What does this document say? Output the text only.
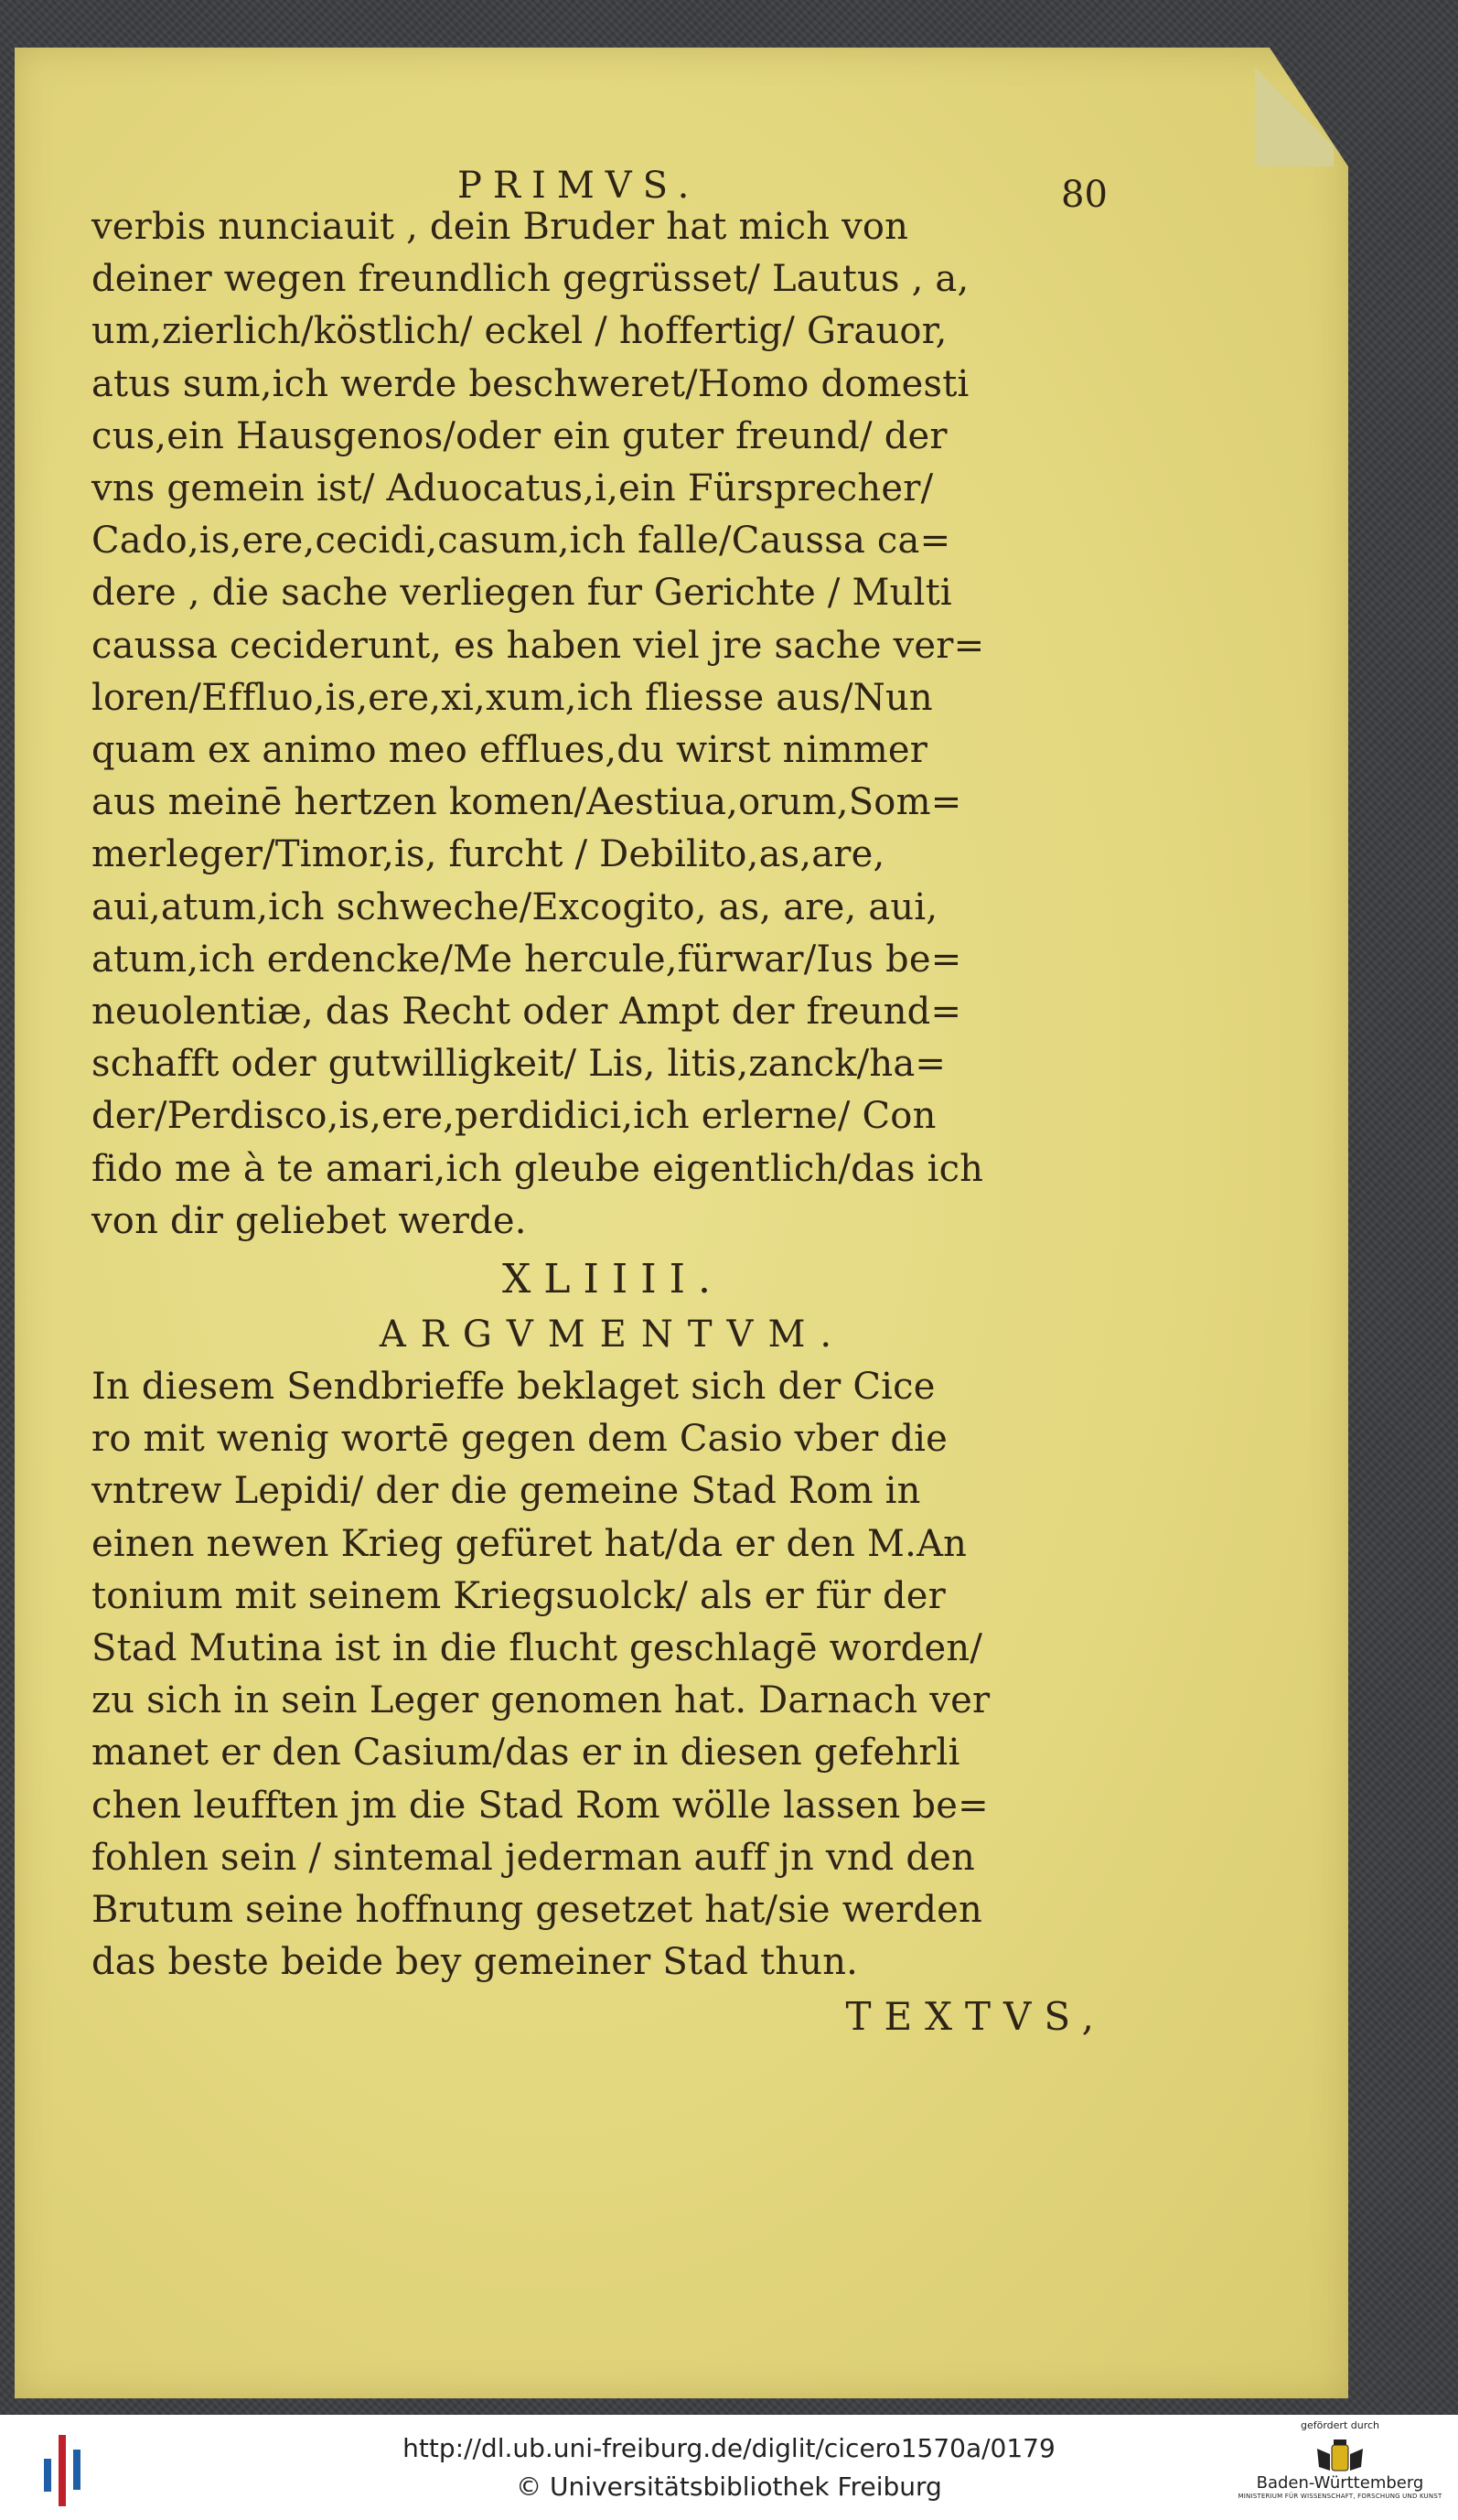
PRIMVS.	80
verbis nunciauit , dein Bruder hat mich von
deiner wegen freundlich gegrüsset/ Lautus , a,
um,zierlich/köstlich/ eckel / hoffertig/ Grauor,
atus sum,ich werde beschweret/Homo domesti
cus,ein Hausgenos/oder ein guter freund/ der
vns gemein ist/ Aduocatus,i,ein Fürsprecher/
Cado,is,ere,cecidi,casum,ich falle/Caussa ca=
dere , die sache verliegen fur Gerichte / Multi
caussa ceciderunt, es haben viel jre sache ver=
loren/Effluo,is,ere,xi,xum,ich fliesse aus/Nun
quam ex animo meo efflues,du wirst nimmer
aus meinē hertzen komen/Aestiua,orum,Som=
merleger/Timor,is, furcht / Debilito,as,are,
aui,atum,ich schweche/Excogito, as, are, aui,
atum,ich erdencke/Me hercule,fürwar/Ius be=
neuolentiæ, das Recht oder Ampt der freund=
schafft oder gutwilligkeit/ Lis, litis,zanck/ha=
der/Perdisco,is,ere,perdidici,ich erlerne/ Con
fido me à te amari,ich gleube eigentlich/das ich
von dir geliebet werde.
XLIIII.
ARGVMENTVM.
In diesem Sendbrieffe beklaget sich der Cice
ro mit wenig wortē gegen dem Casio vber die
vntrew Lepidi/ der die gemeine Stad Rom in
einen newen Krieg gefüret hat/da er den M.An
tonium mit seinem Kriegsuolck/ als er für der
Stad Mutina ist in die flucht geschlagē worden/
zu sich in sein Leger genomen hat. Darnach ver
manet er den Casium/das er in diesen gefehrli
chen leufften jm die Stad Rom wölle lassen be=
fohlen sein / sintemal jederman auff jn vnd den
Brutum seine hoffnung gesetzet hat/sie werden
das beste beide bey gemeiner Stad thun.
TEXTVS,
http://dl.ub.uni-freiburg.de/diglit/cicero1570a/0179
© Universitätsbibliothek Freiburg
gefördert durch
Baden-Württemberg
MINISTERIUM FÜR WISSENSCHAFT, FORSCHUNG UND KUNST
